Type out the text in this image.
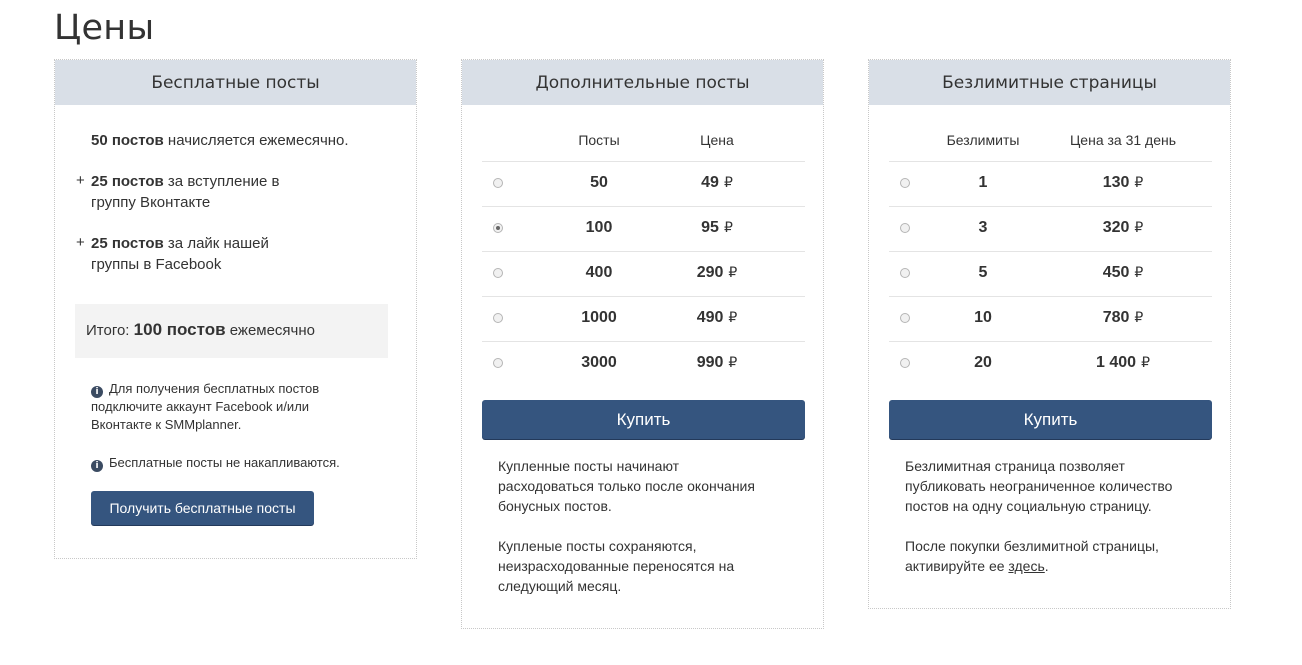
Цены
Бесплатные посты
50 постов начисляется ежемесячно.
+ 25 постов за вступление в
группу Вконтакте
+ 25 постов за лайк нашей
группы в Facebook
Итого: 100 постов ежемесячно
i Для получения бесплатных постов
подключите аккаунт Facebook и/или
Вконтакте к SMMplanner.
i Бесплатные посты не накапливаются.
Получить бесплатные посты
Дополнительные посты
Посты	Цена
50	49 ₽
100	95 ₽
400	290 ₽
1000	490 ₽
3000	990 ₽
Купить
Купленные посты начинают
расходоваться только после окончания
бонусных постов.
Купленые посты сохраняются,
неизрасходованные переносятся на
следующий месяц.
Безлимитные страницы
Безлимиты	Цена за 31 день
1	130 ₽
3	320 ₽
5	450 ₽
10	780 ₽
20	1 400 ₽
Купить
Безлимитная страница позволяет
публиковать неограниченное количество
постов на одну социальную страницу.
После покупки безлимитной страницы,
активируйте ее здесь.
